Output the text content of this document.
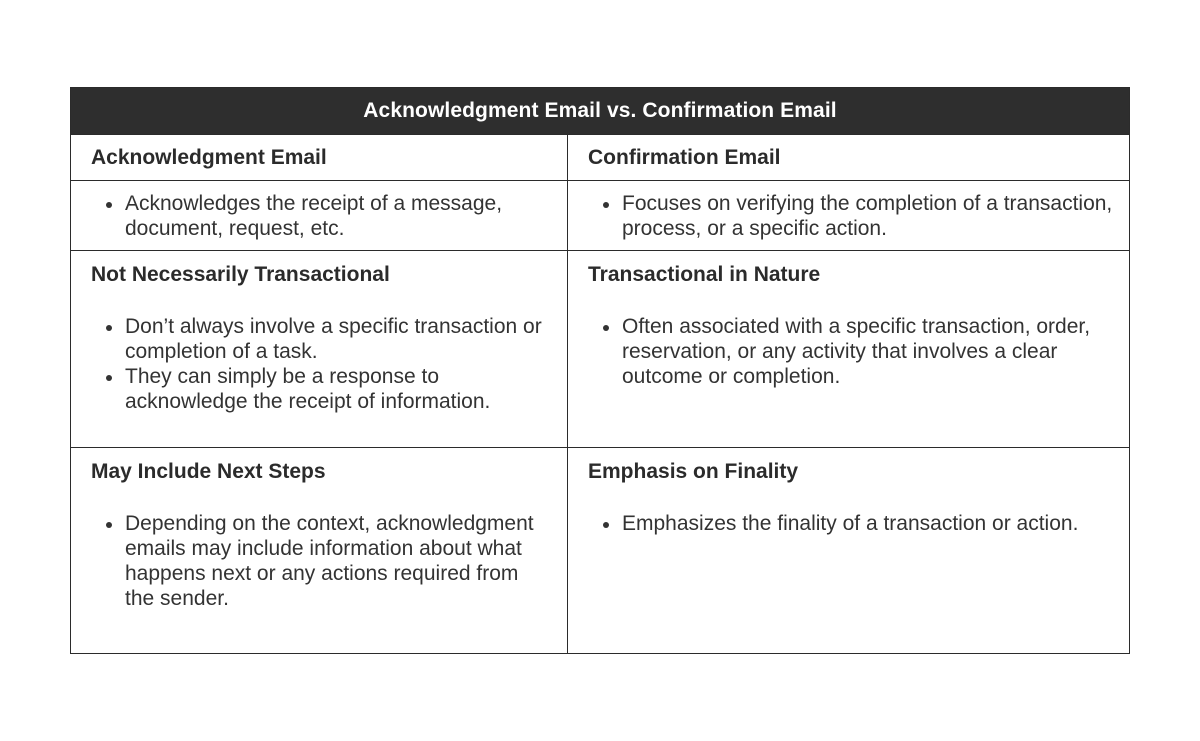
Acknowledgment Email vs. Confirmation Email
Acknowledgment Email	Confirmation Email
Acknowledges the receipt of a message, document, request, etc.
Focuses on verifying the completion of a transaction, process, or a specific action.
Not Necessarily Transactional
Don’t always involve a specific transaction or completion of a task.
They can simply be a response to acknowledge the receipt of information.
Transactional in Nature
Often associated with a specific transaction, order, reservation, or any activity that involves a clear outcome or completion.
May Include Next Steps
Depending on the context, acknowledgment emails may include information about what happens next or any actions required from the sender.
Emphasis on Finality
Emphasizes the finality of a transaction or action.
